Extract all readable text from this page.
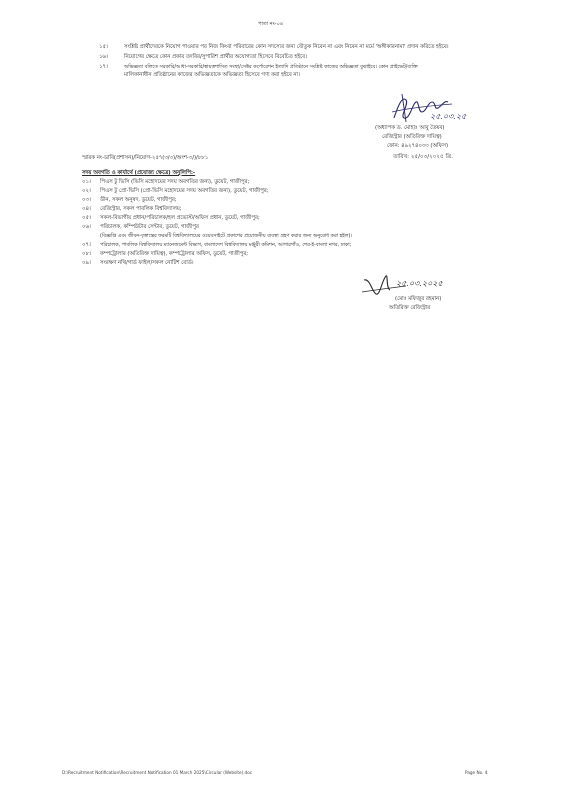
পাতা নং-০৪
১৫।	সংশ্লিষ্ট প্রার্থীদেরকে নিয়োগ পাওয়ার পর নিজ কিংবা পরিবারের কোন সদস্যের জন্য যৌতুক নিবেন না এবং নিবেন না মর্মে 'অঙ্গীকারনামা' প্রদান করিতে হইবে।
১৬।	নিয়োগের ক্ষেত্রে কোন প্রকার তদবির/সুপারিশ প্রার্থীর অযোগ্যতা হিসেবে বিবেচিত হইবে।
১৭।	অভিজ্ঞতা বলিতে সরকারি/আধা-সরকারি/স্বায়ত্তশাসিত সংস্থা/সেক্টর কর্পোরেশন ইত্যাদি প্রতিষ্ঠানে সংশ্লিষ্ট কাজের অভিজ্ঞতা বুঝাইবে। কোন প্রাইভেট/ব্যক্তি
মালিকানাধীন প্রতিষ্ঠানের কাজের অভিজ্ঞতাকে অভিজ্ঞতা হিসেবে গণ্য করা হইবে না।
২৫.০৩.২৫
(অধ্যাপক ড. মোহাঃ আবু তৈয়ব)
রেজিস্ট্রার (অতিরিক্ত দায়িত্ব)
ফোন: ৪৯২৭৪০৩৩ (অফিস)
তারিখ: ২৫/০৩/২০২৫ খ্রি.
স্মারক নং-ডাবি(প্রশাসন)/নিয়োগ-২৫৭(৩/৩)/অংশ-৩/)/৮৮১
সদয় অবগতি ও কার্যার্থে (প্রযোজ্য ক্ষেত্রে) অনুলিপি:-
০১। পিএস টু ভিসি (ভিসি মহোদয়ের সদয় অবগতির জন্য), ডুয়েট, গাজীপুর;
০২। পিএস টু প্রো-ভিসি (প্রো-ভিসি মহোদয়ের সদয় অবগতির জন্য), ডুয়েট, গাজীপুর;
০৩। ডীন, সকল অনুষদ, ডুয়েট, গাজীপুর;
০৪। রেজিস্ট্রার, সকল পাবলিক বিশ্ববিদ্যালয়;
০৫। সকল-বিভাগীয় প্রধান/পরিচালক/হল প্রভোস্ট/অফিস প্রধান, ডুয়েট, গাজীপুর;
০৬। পরিচালক, কম্পিউটার সেন্টার, ডুয়েট, গাজীপুর
(বিজ্ঞপ্তি এবং জীবন-বৃত্তান্তের ফরমটি বিশ্ববিদ্যালয়ের ওয়েবসাইটে প্রকাশের প্রয়োজনীয় ব্যবস্থা গ্রহণ করার জন্য অনুরোধ করা হইল)।
০৭। পরিচালক, পাবলিক বিশ্ববিদ্যালয় ম্যানেজমেন্ট বিভাগ, বাংলাদেশ বিশ্ববিদ্যালয় মঞ্জুরী কমিশন, আগারগাঁও, শের-ই-বাংলা নগর, ঢাকা;
০৮। কম্পট্রোলার (অতিরিক্ত দায়িত্ব), কম্পট্রোলার অফিস, ডুয়েট, গাজীপুর;
০৯। সংরক্ষণ নথি/গার্ড ফাইল/সকল নোটিশ বোর্ড।
২৫.০৩.২০২৫
(মোঃ মফিজুর রহমান)
অতিরিক্ত রেজিস্ট্রার
D:\Recruitment Notification\Recruitment Notification 01 March 2025\Circular (Website).doc	Page No. 4
